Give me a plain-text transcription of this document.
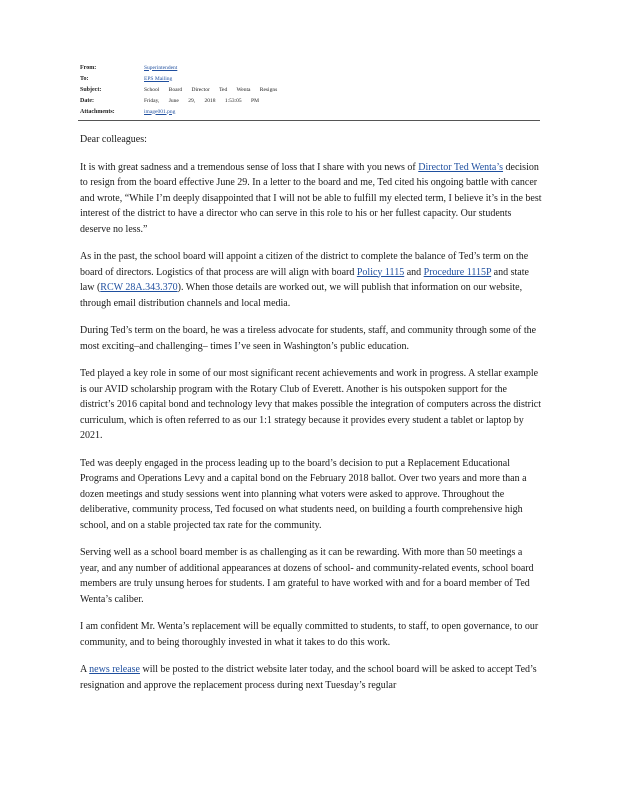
From:	Superintendent
To:	EPS Mailing
Subject:	School Board Director Ted Wenta Resigns
Date:	Friday, June 29, 2018 1:53:05 PM
Attachments:	image001.png

Dear colleagues:

It is with great sadness and a tremendous sense of loss that I share with you news of Director Ted Wenta’s decision to resign from the board effective June 29. In a letter to the board and me, Ted cited his ongoing battle with cancer and wrote, “While I’m deeply disappointed that I will not be able to fulfill my elected term, I believe it’s in the best interest of the district to have a director who can serve in this role to his or her fullest capacity. Our students deserve no less.”

As in the past, the school board will appoint a citizen of the district to complete the balance of Ted’s term on the board of directors. Logistics of that process are will align with board Policy 1115 and Procedure 1115P and state law (RCW 28A.343.370). When those details are worked out, we will publish that information on our website, through email distribution channels and local media.

During Ted’s term on the board, he was a tireless advocate for students, staff, and community through some of the most exciting–and challenging– times I’ve seen in Washington’s public education.

Ted played a key role in some of our most significant recent achievements and work in progress. A stellar example is our AVID scholarship program with the Rotary Club of Everett. Another is his outspoken support for the district’s 2016 capital bond and technology levy that makes possible the integration of computers across the district curriculum, which is often referred to as our 1:1 strategy because it provides every student a tablet or laptop by 2021.

Ted was deeply engaged in the process leading up to the board’s decision to put a Replacement Educational Programs and Operations Levy and a capital bond on the February 2018 ballot. Over two years and more than a dozen meetings and study sessions went into planning what voters were asked to approve. Throughout the deliberative, community process, Ted focused on what students need, on building a fourth comprehensive high school, and on a stable projected tax rate for the community.

Serving well as a school board member is as challenging as it can be rewarding. With more than 50 meetings a year, and any number of additional appearances at dozens of school- and community-related events, school board members are truly unsung heroes for students. I am grateful to have worked with and for a board member of Ted Wenta’s caliber.

I am confident Mr. Wenta’s replacement will be equally committed to students, to staff, to open governance, to our community, and to being thoroughly invested in what it takes to do this work.

A news release will be posted to the district website later today, and the school board will be asked to accept Ted’s resignation and approve the replacement process during next Tuesday’s regular
